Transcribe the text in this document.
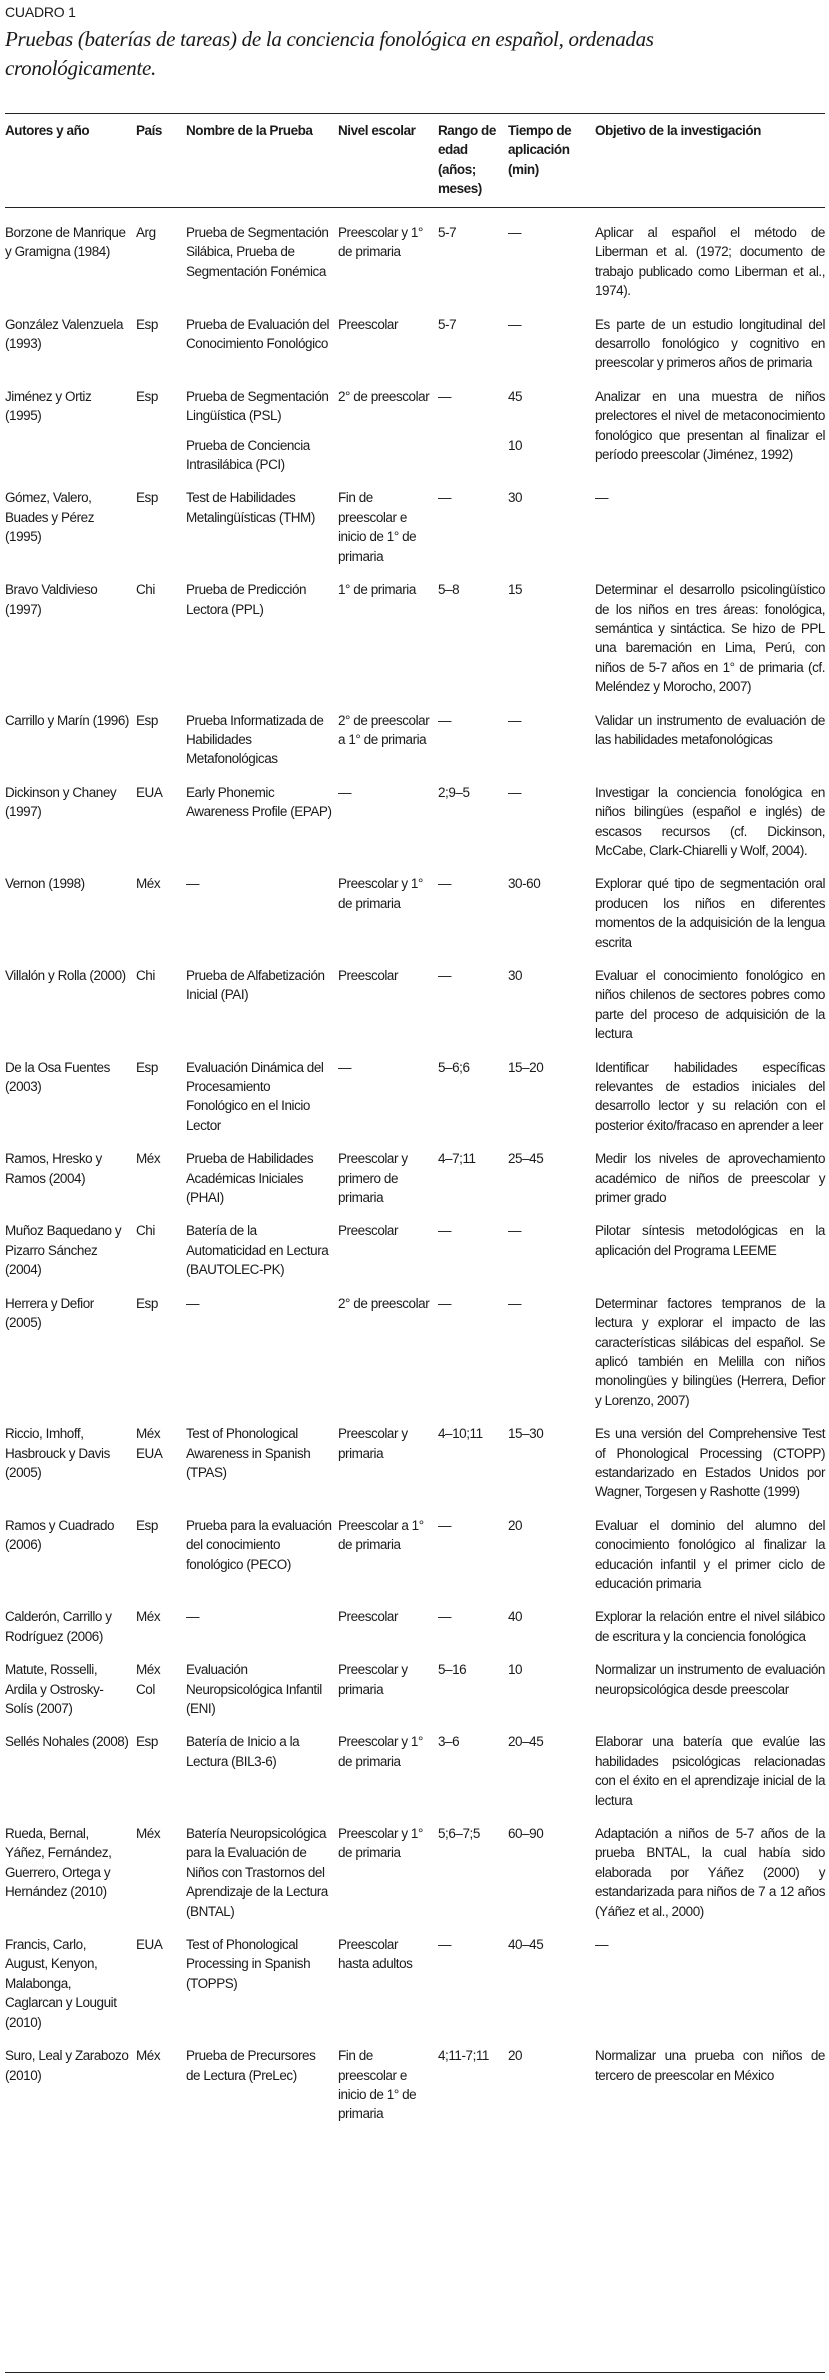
CUADRO 1
Pruebas (baterías de tareas) de la conciencia fonológica en español, ordenadas cronológicamente.
Autores y año	País	Nombre de la Prueba	Nivel escolar	Rango de edad (años; meses)	Tiempo de aplicación (min)	Objetivo de la investigación
Borzone de Manrique y Gramigna (1984)	Arg	Prueba de Segmentación Silábica, Prueba de Segmentación Fonémica	Preescolar y 1° de primaria	5-7	—	Aplicar al español el método de Liberman et al. (1972; documento de trabajo publicado como Liberman et al., 1974).
González Valenzuela (1993)	Esp	Prueba de Evaluación del Conocimiento Fonológico	Preescolar	5-7	—	Es parte de un estudio longitudinal del desarrollo fonológico y cognitivo en preescolar y primeros años de primaria
Jiménez y Ortiz (1995)	Esp	Prueba de Segmentación Lingüística (PSL)	2° de preescolar	—	45	Analizar en una muestra de niños prelectores el nivel de metaconocimiento fonológico que presentan al finalizar el período preescolar (Jiménez, 1992)
		Prueba de Conciencia Intrasilábica (PCI)			10	
Gómez, Valero, Buades y Pérez (1995)	Esp	Test de Habilidades Metalingüísticas (THM)	Fin de preescolar e inicio de 1° de primaria	—	30	—
Bravo Valdivieso (1997)	Chi	Prueba de Predicción Lectora (PPL)	1° de primaria	5–8	15	Determinar el desarrollo psicolingüístico de los niños en tres áreas: fonológica, semántica y sintáctica. Se hizo de PPL una baremación en Lima, Perú, con niños de 5-7 años en 1° de primaria (cf. Meléndez y Morocho, 2007)
Carrillo y Marín (1996)	Esp	Prueba Informatizada de Habilidades Metafonológicas	2° de preescolar a 1° de primaria	—	—	Validar un instrumento de evaluación de las habilidades metafonológicas
Dickinson y Chaney (1997)	EUA	Early Phonemic Awareness Profile (EPAP)	—	2;9–5	—	Investigar la conciencia fonológica en niños bilingües (español e inglés) de escasos recursos (cf. Dickinson, McCabe, Clark-Chiarelli y Wolf, 2004).
Vernon (1998)	Méx	—	Preescolar y 1° de primaria	—	30-60	Explorar qué tipo de segmentación oral producen los niños en diferentes momentos de la adquisición de la lengua escrita
Villalón y Rolla (2000)	Chi	Prueba de Alfabetización Inicial (PAI)	Preescolar	—	30	Evaluar el conocimiento fonológico en niños chilenos de sectores pobres como parte del proceso de adquisición de la lectura
De la Osa Fuentes (2003)	Esp	Evaluación Dinámica del Procesamiento Fonológico en el Inicio Lector	—	5–6;6	15–20	Identificar habilidades específicas relevantes de estadios iniciales del desarrollo lector y su relación con el posterior éxito/fracaso en aprender a leer
Ramos, Hresko y Ramos (2004)	Méx	Prueba de Habilidades Académicas Iniciales (PHAI)	Preescolar y primero de primaria	4–7;11	25–45	Medir los niveles de aprovechamiento académico de niños de preescolar y primer grado
Muñoz Baquedano y Pizarro Sánchez (2004)	Chi	Batería de la Automaticidad en Lectura (BAUTOLEC-PK)	Preescolar	—	—	Pilotar síntesis metodológicas en la aplicación del Programa LEEME
Herrera y Defior (2005)	Esp	—	2° de preescolar	—	—	Determinar factores tempranos de la lectura y explorar el impacto de las características silábicas del español. Se aplicó también en Melilla con niños monolingües y bilingües (Herrera, Defior y Lorenzo, 2007)
Riccio, Imhoff, Hasbrouck y Davis (2005)	Méx EUA	Test of Phonological Awareness in Spanish (TPAS)	Preescolar y primaria	4–10;11	15–30	Es una versión del Comprehensive Test of Phonological Processing (CTOPP) estandarizado en Estados Unidos por Wagner, Torgesen y Rashotte (1999)
Ramos y Cuadrado (2006)	Esp	Prueba para la evaluación del conocimiento fonológico (PECO)	Preescolar a 1° de primaria	—	20	Evaluar el dominio del alumno del conocimiento fonológico al finalizar la educación infantil y el primer ciclo de educación primaria
Calderón, Carrillo y Rodríguez (2006)	Méx	—	Preescolar	—	40	Explorar la relación entre el nivel silábico de escritura y la conciencia fonológica
Matute, Rosselli, Ardila y Ostrosky-Solís (2007)	Méx Col	Evaluación Neuropsicológica Infantil (ENI)	Preescolar y primaria	5–16	10	Normalizar un instrumento de evaluación neuropsicológica desde preescolar
Sellés Nohales (2008)	Esp	Batería de Inicio a la Lectura (BIL3-6)	Preescolar y 1° de primaria	3–6	20–45	Elaborar una batería que evalúe las habilidades psicológicas relacionadas con el éxito en el aprendizaje inicial de la lectura
Rueda, Bernal, Yáñez, Fernández, Guerrero, Ortega y Hernández (2010)	Méx	Batería Neuropsicológica para la Evaluación de Niños con Trastornos del Aprendizaje de la Lectura (BNTAL)	Preescolar y 1° de primaria	5;6–7;5	60–90	Adaptación a niños de 5-7 años de la prueba BNTAL, la cual había sido elaborada por Yáñez (2000) y estandarizada para niños de 7 a 12 años (Yáñez et al., 2000)
Francis, Carlo, August, Kenyon, Malabonga, Caglarcan y Louguit (2010)	EUA	Test of Phonological Processing in Spanish (TOPPS)	Preescolar hasta adultos	—	40–45	—
Suro, Leal y Zarabozo (2010)	Méx	Prueba de Precursores de Lectura (PreLec)	Fin de preescolar e inicio de 1° de primaria	4;11-7;11	20	Normalizar una prueba con niños de tercero de preescolar en México
